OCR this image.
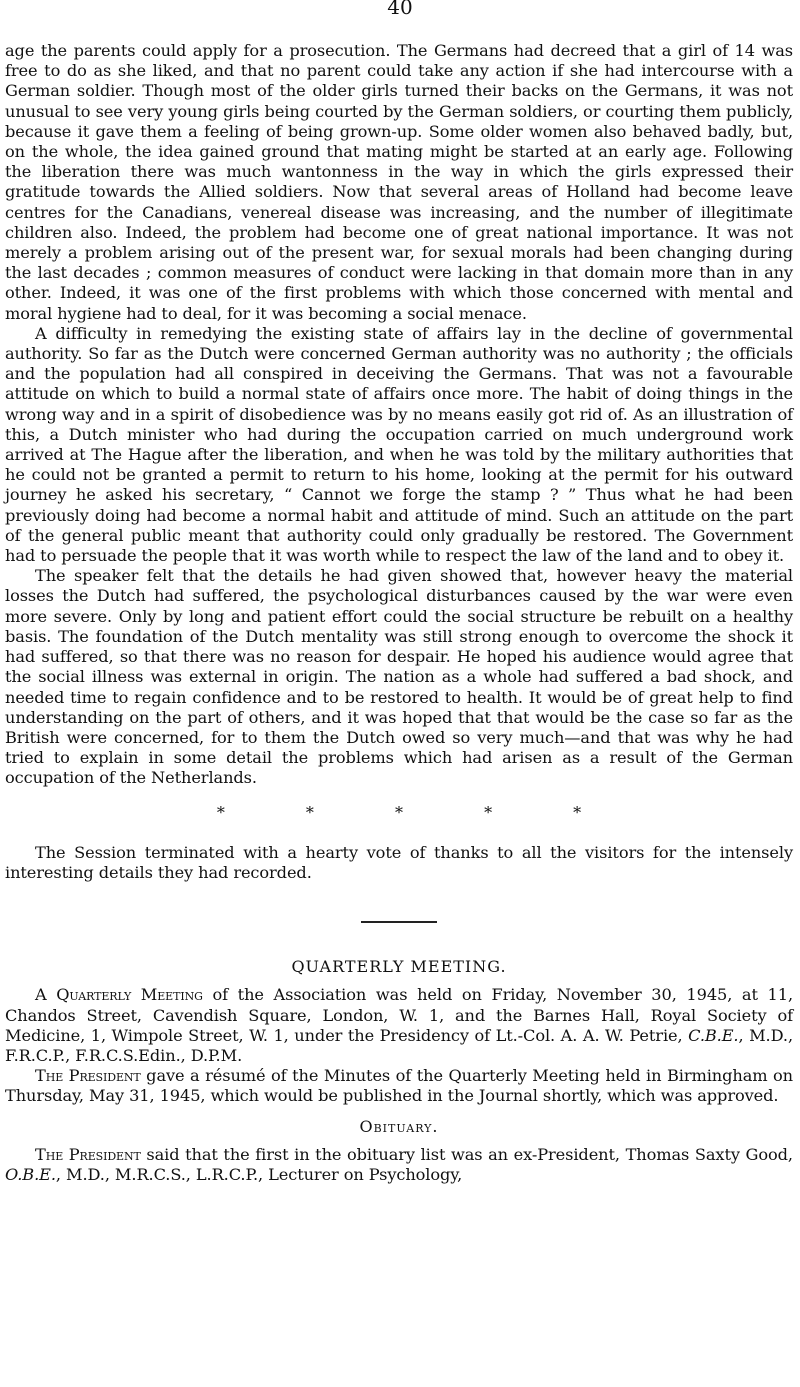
40

age the parents could apply for a prosecution. The Germans had decreed that a girl of 14 was free to do as she liked, and that no parent could take any action if she had intercourse with a German soldier. Though most of the older girls turned their backs on the Germans, it was not unusual to see very young girls being courted by the German soldiers, or courting them publicly, because it gave them a feeling of being grown-up. Some older women also behaved badly, but, on the whole, the idea gained ground that mating might be started at an early age. Following the liberation there was much wantonness in the way in which the girls expressed their gratitude towards the Allied soldiers. Now that several areas of Holland had become leave centres for the Canadians, venereal disease was increasing, and the number of illegitimate children also. Indeed, the problem had become one of great national importance. It was not merely a problem arising out of the present war, for sexual morals had been changing during the last decades ; common measures of conduct were lacking in that domain more than in any other. Indeed, it was one of the first problems with which those concerned with mental and moral hygiene had to deal, for it was becoming a social menace.

A difficulty in remedying the existing state of affairs lay in the decline of governmental authority. So far as the Dutch were concerned German authority was no authority ; the officials and the population had all conspired in deceiving the Germans. That was not a favourable attitude on which to build a normal state of affairs once more. The habit of doing things in the wrong way and in a spirit of disobedience was by no means easily got rid of. As an illustration of this, a Dutch minister who had during the occupation carried on much underground work arrived at The Hague after the liberation, and when he was told by the military authorities that he could not be granted a permit to return to his home, looking at the permit for his outward journey he asked his secretary, “ Cannot we forge the stamp ? ” Thus what he had been previously doing had become a normal habit and attitude of mind. Such an attitude on the part of the general public meant that authority could only gradually be restored. The Government had to persuade the people that it was worth while to respect the law of the land and to obey it.

The speaker felt that the details he had given showed that, however heavy the material losses the Dutch had suffered, the psychological disturbances caused by the war were even more severe. Only by long and patient effort could the social structure be rebuilt on a healthy basis. The foundation of the Dutch mentality was still strong enough to overcome the shock it had suffered, so that there was no reason for despair. He hoped his audience would agree that the social illness was external in origin. The nation as a whole had suffered a bad shock, and needed time to regain confidence and to be restored to health. It would be of great help to find understanding on the part of others, and it was hoped that that would be the case so far as the British were concerned, for to them the Dutch owed so very much—and that was why he had tried to explain in some detail the problems which had arisen as a result of the German occupation of the Netherlands.

* * * * *

The Session terminated with a hearty vote of thanks to all the visitors for the intensely interesting details they had recorded.

QUARTERLY MEETING.

A Quarterly Meeting of the Association was held on Friday, November 30, 1945, at 11, Chandos Street, Cavendish Square, London, W. 1, and the Barnes Hall, Royal Society of Medicine, 1, Wimpole Street, W. 1, under the Presidency of Lt.-Col. A. A. W. Petrie, C.B.E., M.D., F.R.C.P., F.R.C.S.Edin., D.P.M.

The President gave a résumé of the Minutes of the Quarterly Meeting held in Birmingham on Thursday, May 31, 1945, which would be published in the Journal shortly, which was approved.

Obituary.

The President said that the first in the obituary list was an ex-President, Thomas Saxty Good, O.B.E., M.D., M.R.C.S., L.R.C.P., Lecturer on Psychology,
